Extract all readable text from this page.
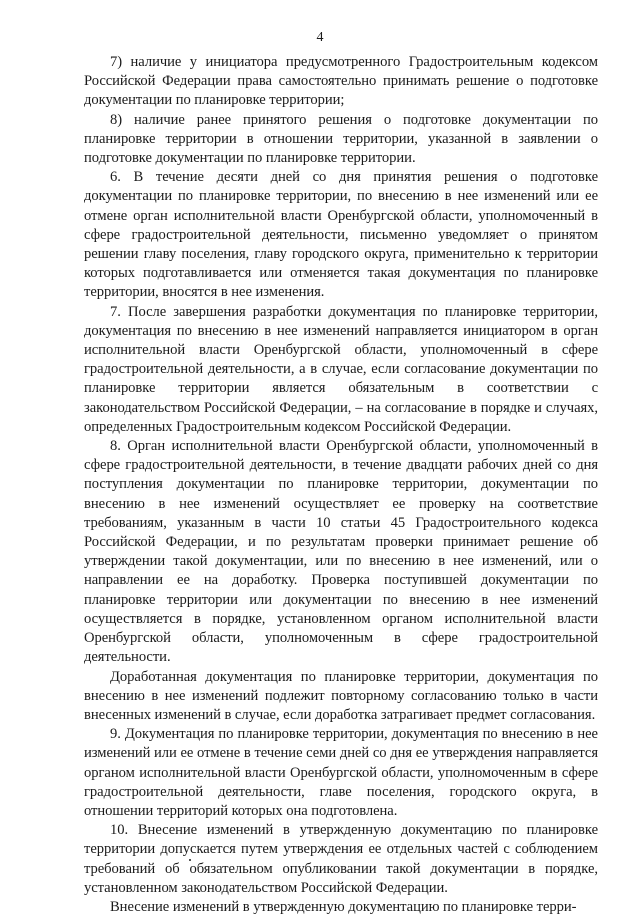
4

7) наличие у инициатора предусмотренного Градостроительным кодексом Российской Федерации права самостоятельно принимать решение о подготовке документации по планировке территории;

8) наличие ранее принятого решения о подготовке документации по планировке территории в отношении территории, указанной в заявлении о подготовке документации по планировке территории.

6. В течение десяти дней со дня принятия решения о подготовке документации по планировке территории, по внесению в нее изменений или ее отмене орган исполнительной власти Оренбургской области, уполномоченный в сфере градостроительной деятельности, письменно уведомляет о принятом решении главу поселения, главу городского округа, применительно к территории которых подготавливается или отменяется такая документация по планировке территории, вносятся в нее изменения.

7. После завершения разработки документация по планировке территории, документация по внесению в нее изменений направляется инициатором в орган исполнительной власти Оренбургской области, уполномоченный в сфере градостроительной деятельности, а в случае, если согласование документации по планировке территории является обязательным в соответствии с законодательством Российской Федерации, – на согласование в порядке и случаях, определенных Градостроительным кодексом Российской Федерации.

8. Орган исполнительной власти Оренбургской области, уполномоченный в сфере градостроительной деятельности, в течение двадцати рабочих дней со дня поступления документации по планировке территории, документации по внесению в нее изменений осуществляет ее проверку на соответствие требованиям, указанным в части 10 статьи 45 Градостроительного кодекса Российской Федерации, и по результатам проверки принимает решение об утверждении такой документации, или по внесению в нее изменений, или о направлении ее на доработку. Проверка поступившей документации по планировке территории или документации по внесению в нее изменений осуществляется в порядке, установленном органом исполнительной власти Оренбургской области, уполномоченным в сфере градостроительной деятельности.

Доработанная документация по планировке территории, документация по внесению в нее изменений подлежит повторному согласованию только в части внесенных изменений в случае, если доработка затрагивает предмет согласования.

9. Документация по планировке территории, документация по внесению в нее изменений или ее отмене в течение семи дней со дня ее утверждения направляется органом исполнительной власти Оренбургской области, уполномоченным в сфере градостроительной деятельности, главе поселения, городского округа, в отношении территорий которых она подготовлена.

10. Внесение изменений в утвержденную документацию по планировке территории допускается путем утверждения ее отдельных частей с соблюдением требований об обязательном опубликовании такой документации в порядке, установленном законодательством Российской Федерации.

Внесение изменений в утвержденную документацию по планировке терри-
